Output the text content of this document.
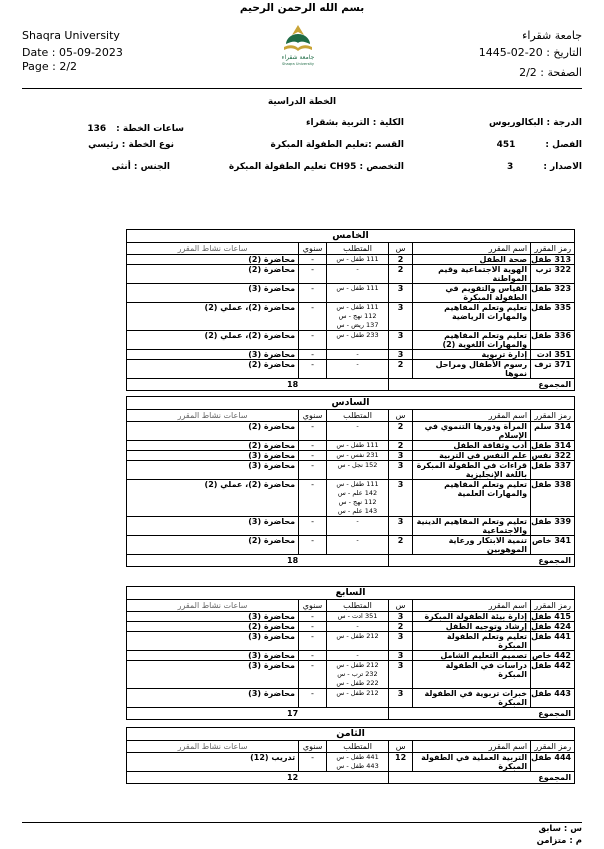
بسم الله الرحمن الرحيم
Shaqra University
Date : 05-09-2023
Page : 2/2
جامعة شقراء
التاريخ : 20-02-1445
الصفحة : 2/2
جامعة شقراء
Shaqra University
الخطة الدراسية
الدرجة : البكالوريوس
الكلية : التربية بشقراء
ساعات الخطة :136
الفصل :451
القسم :تعليم الطفولة المبكرة
نوع الخطة : رئيسي
الاصدار :3
التخصص : CH95 تعليم الطفولة المبكرة
الجنس : أنثى
الخامس					
رمز المقرر	اسم المقرر	س	المتطلب	سنوي	ساعات نشاط المقرر
313 طفل	صحة الطفل	2	111 طفل - س	-	محاضرة (2)
322 ترب	الهوية الاجتماعية وقيم المواطنة	2	-	-	محاضرة (2)
323 طفل	القياس والتقويم في الطفولة المبكرة	3	111 طفل - س	-	محاضرة (3)
335 طفل	تعليم وتعلم المفاهيم والمهارات الرياضية	3	111 طفل - س
112 نهج - س
137 ريض - س	-	محاضرة (2)، عملي (2)
336 طفل	تعليم وتعلم المفاهيم والمهارات اللغوية (2)	3	233 طفل - س	-	محاضرة (2)، عملي (2)
351 ادت	إدارة تربوية	3	-	-	محاضرة (3)
371 ترف	رسوم الأطفال ومراحل نموها	2	-	-	محاضرة (2)
المجموع			18		
السادس					
رمز المقرر	اسم المقرر	س	المتطلب	سنوي	ساعات نشاط المقرر
314 سلم	المرأة ودورها التنموي في الإسلام	2	-	-	محاضرة (2)
314 طفل	أدب وثقافة الطفل	2	111 طفل - س	-	محاضرة (2)
322 نفس	علم النفس في التربية	3	231 نفس - س	-	محاضرة (3)
337 طفل	قراءات في الطفولة المبكرة باللغة الإنجليزية	3	152 نجل - س	-	محاضرة (3)
338 طفل	تعليم وتعلم المفاهيم والمهارات العلمية	3	111 طفل - س
142 علم - س
112 نهج - س
143 علم - س	-	محاضرة (2)، عملي (2)
339 طفل	تعليم وتعلم المفاهيم الدينية والاجتماعية	3	-	-	محاضرة (3)
341 خاص	تنمية الابتكار ورعاية الموهوبين	2	-	-	محاضرة (2)
المجموع			18		
السابع					
رمز المقرر	اسم المقرر	س	المتطلب	سنوي	ساعات نشاط المقرر
415 طفل	إدارة بيئة الطفولة المبكرة	3	351 ادت - س	-	محاضرة (3)
424 طفل	إرشاد وتوجيه الطفل	2	-	-	محاضرة (2)
441 طفل	تعليم وتعلم الطفولة المبكرة	3	212 طفل - س	-	محاضرة (3)
442 خاص	تصميم التعليم الشامل	3	-	-	محاضرة (3)
442 طفل	دراسات في الطفولة المبكرة	3	212 طفل - س
232 ترب - س
222 طفل - س	-	محاضرة (3)
443 طفل	خبرات تربوية في الطفولة المبكرة	3	212 طفل - س	-	محاضرة (3)
المجموع			17		
الثامن					
رمز المقرر	اسم المقرر	س	المتطلب	سنوي	ساعات نشاط المقرر
444 طفل	التربية العملية في الطفولة المبكرة	12	441 طفل - س
443 طفل - س	-	تدريب (12)
المجموع			12		
س : سابق
م : متزامن
